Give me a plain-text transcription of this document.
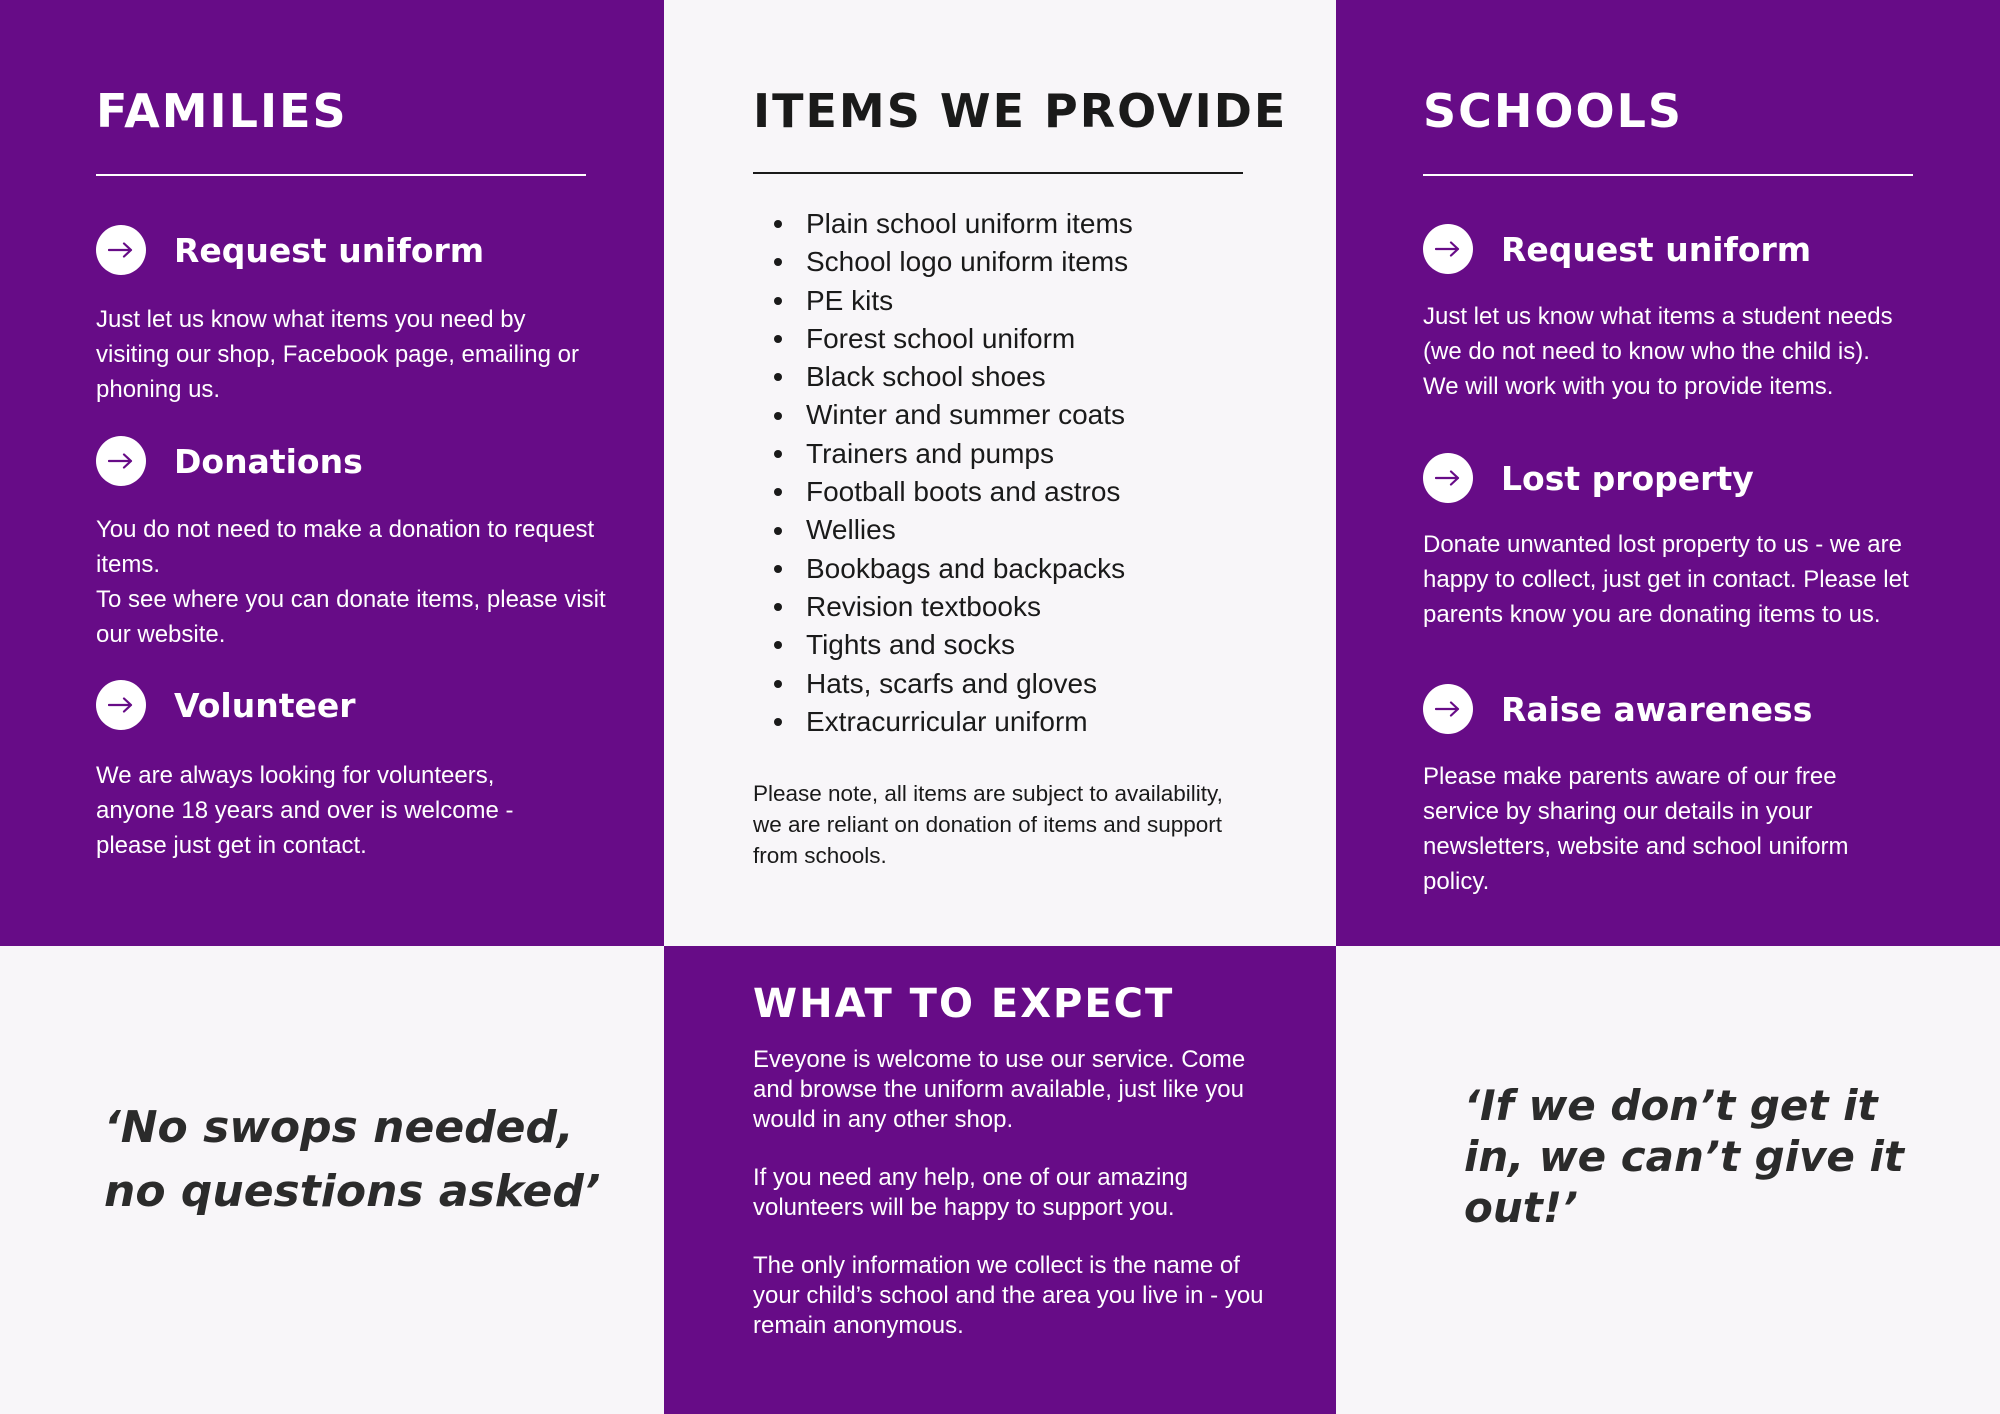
FAMILIES
Request uniform

Just let us know what items you need by visiting our shop, Facebook page, emailing or phoning us.

Donations

You do not need to make a donation to request items.
To see where you can donate items, please visit our website.

Volunteer

We are always looking for volunteers, anyone 18 years and over is welcome - please just get in contact.

ITEMS WE PROVIDE
Plain school uniform items
School logo uniform items
PE kits
Forest school uniform
Black school shoes
Winter and summer coats
Trainers and pumps
Football boots and astros
Wellies
Bookbags and backpacks
Revision textbooks
Tights and socks
Hats, scarfs and gloves
Extracurricular uniform

Please note, all items are subject to availability, we are reliant on donation of items and support from schools.

SCHOOLS
Request uniform

Just let us know what items a student needs (we do not need to know who the child is). We will work with you to provide items.

Lost property

Donate unwanted lost property to us - we are happy to collect, just get in contact. Please let parents know you are donating items to us.

Raise awareness

Please make parents aware of our free service by sharing our details in your newsletters, website and school uniform policy.

‘No swops needed,
no questions asked’
WHAT TO EXPECT

Eveyone is welcome to use our service. Come and browse the uniform available, just like you would in any other shop.

If you need any help, one of our amazing volunteers will be happy to support you.

The only information we collect is the name of your child’s school and the area you live in - you remain anonymous.

‘If we don’t get it
in, we can’t give it
out!’
